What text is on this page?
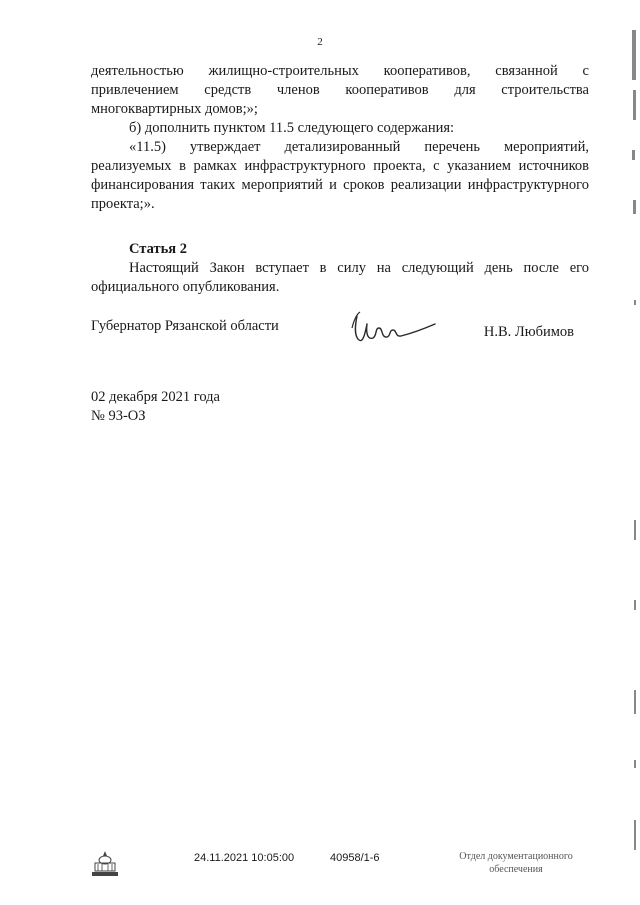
2
деятельностью жилищно-строительных кооперативов, связанной с
привлечением средств членов кооперативов для строительства
многоквартирных домов;»;
б) дополнить пунктом 11.5 следующего содержания:
«11.5) утверждает детализированный перечень мероприятий,
реализуемых в рамках инфраструктурного проекта, с указанием источников
финансирования таких мероприятий и сроков реализации инфраструктурного
проекта;».
Статья 2
Настоящий Закон вступает в силу на следующий день после его
официального опубликования.
Губернатор Рязанской области	Н.В. Любимов
02 декабря 2021 года
№ 93-ОЗ
24.11.2021 10:05:00	40958/1-6	Отдел документационного
обеспечения
